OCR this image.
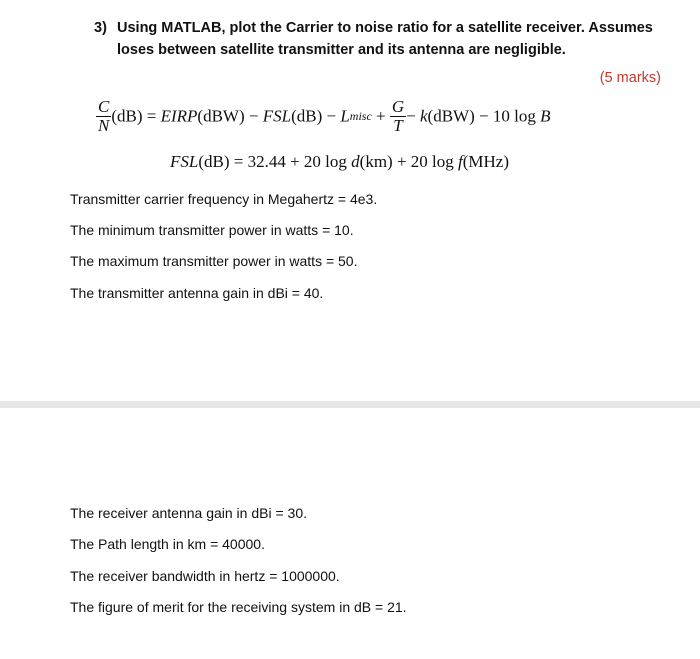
3) Using MATLAB, plot the Carrier to noise ratio for a satellite receiver. Assumes loses between satellite transmitter and its antenna are negligible.
(5 marks)
$\frac{C}{N} (dB)$ = EIRP(dBW) − FSL(dB) − Lmisc + $\frac{G}{T} - k(dBW) - 10$ log B
FSL(dB) = 32.44 + 20 log d(km) + 20 log f(MHz)
Transmitter carrier frequency in Megahertz = 4e3.
The minimum transmitter power in watts = 10.
The maximum transmitter power in watts = 50.
The transmitter antenna gain in dBi = 40.
The receiver antenna gain in dBi = 30.
The Path length in km = 40000.
The receiver bandwidth in hertz = 1000000.
The figure of merit for the receiving system in dB = 21.
